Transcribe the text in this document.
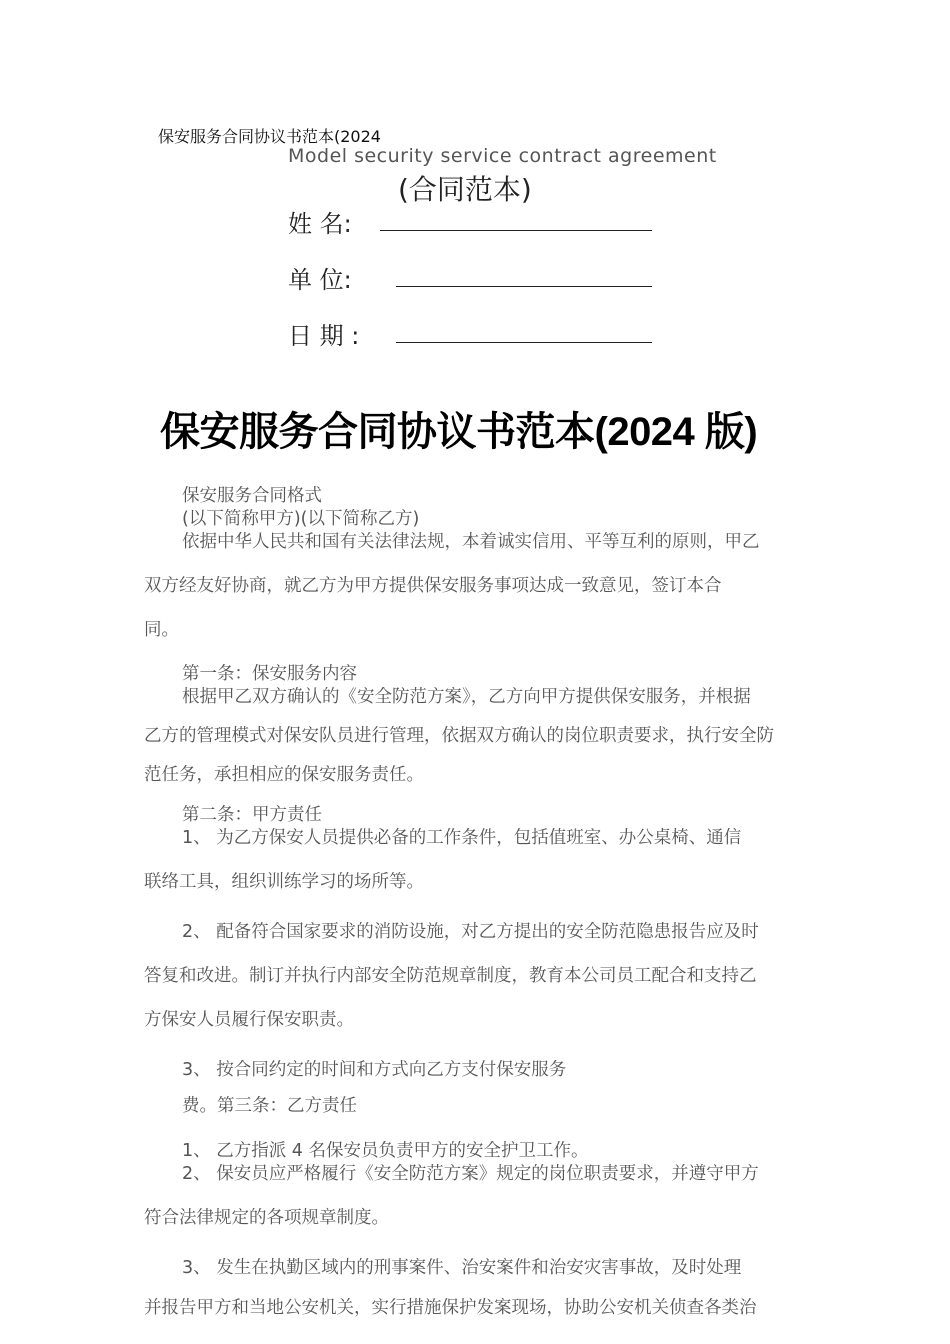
保安服务合同协议书范本(2024
Model security service contract agreement
(合同范本)
姓 名:
单 位:
日 期 :
保安服务合同协议书范本(2024 版)
保安服务合同格式
(以下简称甲方)(以下简称乙方)
依据中华人民共和国有关法律法规，本着诚实信用、平等互利的原则，甲乙
双方经友好协商，就乙方为甲方提供保安服务事项达成一致意见，签订本合
同。
第一条：保安服务内容
根据甲乙双方确认的《安全防范方案》，乙方向甲方提供保安服务，并根据
乙方的管理模式对保安队员进行管理，依据双方确认的岗位职责要求，执行安全防
范任务，承担相应的保安服务责任。
第二条：甲方责任
1、 为乙方保安人员提供必备的工作条件，包括值班室、办公桌椅、通信
联络工具，组织训练学习的场所等。
2、 配备符合国家要求的消防设施，对乙方提出的安全防范隐患报告应及时
答复和改进。制订并执行内部安全防范规章制度，教育本公司员工配合和支持乙
方保安人员履行保安职责。
3、 按合同约定的时间和方式向乙方支付保安服务
费。第三条：乙方责任
1、 乙方指派 4 名保安员负责甲方的安全护卫工作。
2、 保安员应严格履行《安全防范方案》规定的岗位职责要求，并遵守甲方
符合法律规定的各项规章制度。
3、 发生在执勤区域内的刑事案件、治安案件和治安灾害事故，及时处理
并报告甲方和当地公安机关，实行措施保护发案现场，协助公安机关侦查各类治
